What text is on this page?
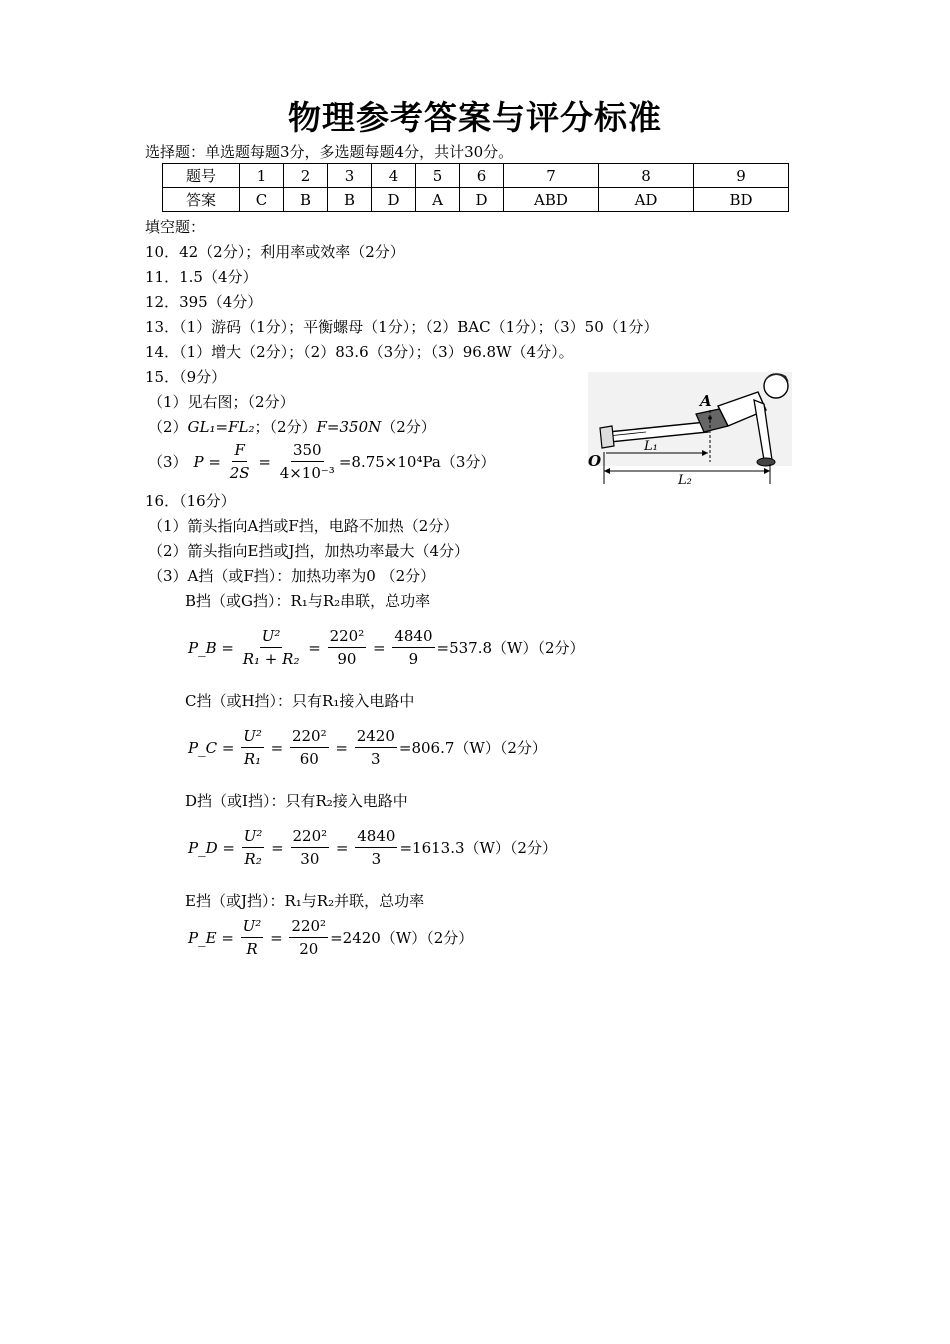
物理参考答案与评分标准
选择题：单选题每题3分，多选题每题4分，共计30分。
题号	1	2	3	4	5	6	7	8	9
答案	C	B	B	D	A	D	ABD	AD	BD
填空题：
10．42（2分）；利用率或效率（2分）
11．1.5（4分）
12．395（4分）
13．（1）游码（1分）；平衡螺母（1分）；（2）BAC（1分）；（3）50（1分）
14．（1）增大（2分）；（2）83.6（3分）；（3）96.8W（4分）。
15．（9分）
（1）见右图；（2分）
（2）GL₁=FL₂；（2分）F=350N（2分）
（3） $P = \frac{F}{2S} = \frac{350}{\text{4×10⁻³}} =8.75\times 10^4Pa(3$分）
A
O
L₁
L₂
16．（16分）
（1）箭头指向A挡或F挡，电路不加热（2分）
（2）箭头指向E挡或J挡，加热功率最大（4分）
（3）A挡（或F挡）：加热功率为0 （2分）
B挡（或G挡）：R₁与R₂串联，总功率
P_B = $\frac{\text{U²}}{\text{R₁ + R₂}} = \frac{\text{220²}}{90} = \frac{4840}{9} =537.8(W)(2$分）
C挡（或H挡）：只有R₁接入电路中
P_C = $\frac{\text{U²}}{\text{R₁}} = \frac{\text{220²}}{60} = \frac{2420}{3} =806.7(W)(2$分）
D挡（或I挡）：只有R₂接入电路中
P_D = $\frac{\text{U²}}{\text{R₂}} = \frac{\text{220²}}{30} = \frac{4840}{3} =1613.3(W)(2$分）
E挡（或J挡）：R₁与R₂并联，总功率
P_E = $\frac{\text{U²}}{R} = \frac{\text{220²}}{20} =2420(W)(2$分）
